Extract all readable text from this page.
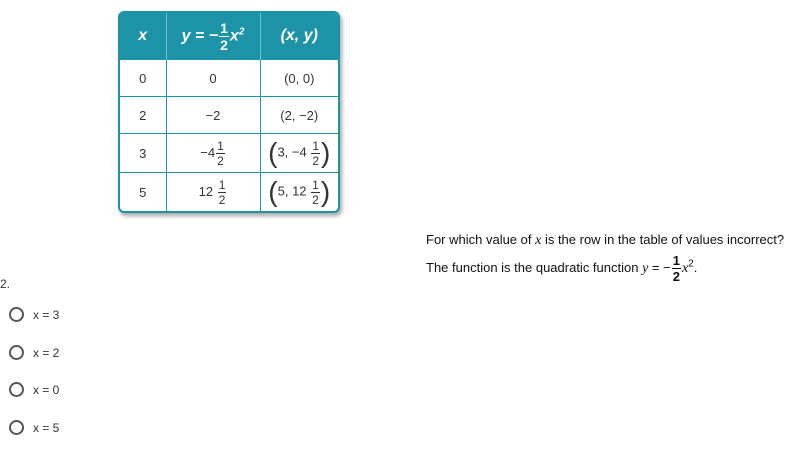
x	y = − $\frac{1}{2} x^2$	(x, y)
0	0	(0, 0)
2	−2	(2, −2)
3	$-4 \frac{1}{2}$	(3, $-4 \frac{1}{2}$ )
5	$12 \frac{1}{2}$	(5, $12 \frac{1}{2}$ )
For which value of x is the row in the table of values incorrect?
The function is the quadratic function y = − $\frac{1}{2} x^2$.
2.
x = 3
x = 2
x = 0
x = 5
